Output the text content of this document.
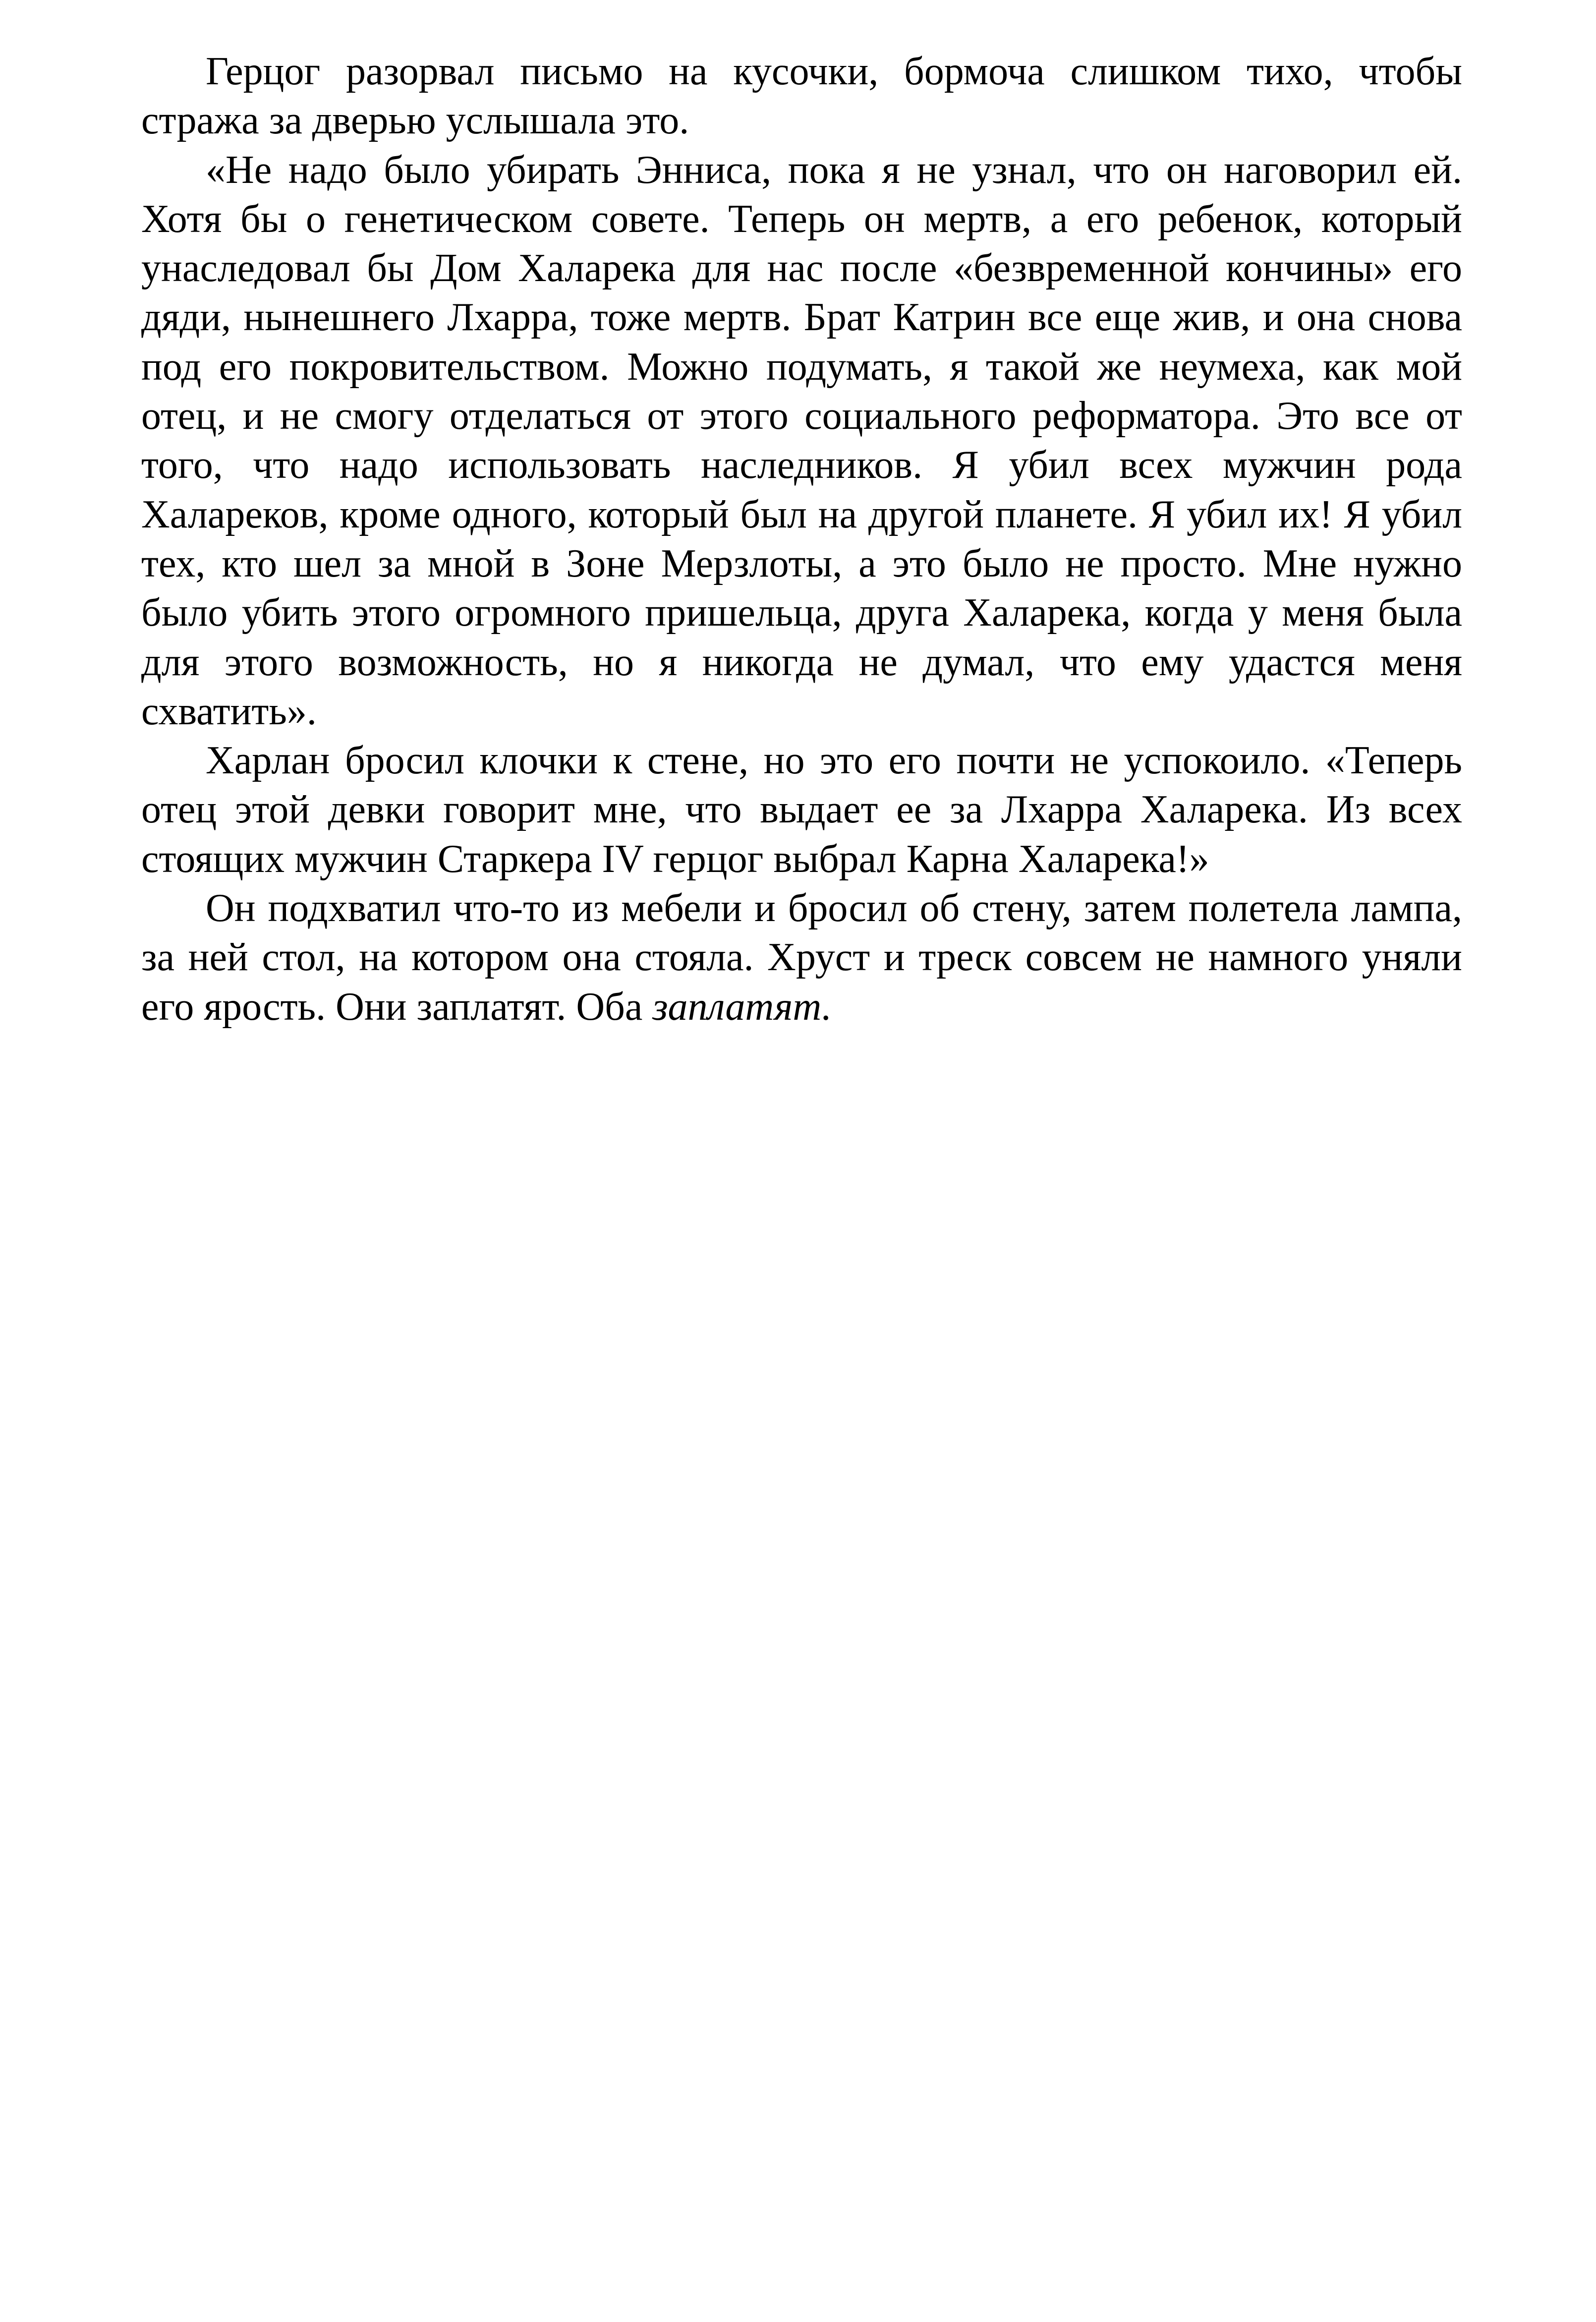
Герцог разорвал письмо на кусочки, бормоча слишком тихо, чтобы стража за дверью услышала это.

«Не надо было убирать Энниса, пока я не узнал, что он наговорил ей. Хотя бы о генетическом совете. Теперь он мертв, а его ребенок, который унаследовал бы Дом Халарека для нас после «безвременной кончины» его дяди, нынешнего Лхарра, тоже мертв. Брат Катрин все еще жив, и она снова под его покровительством. Можно подумать, я такой же неумеха, как мой отец, и не смогу отделаться от этого социального реформатора. Это все от того, что надо использовать наследников. Я убил всех мужчин рода Халареков, кроме одного, который был на другой планете. Я убил их! Я убил тех, кто шел за мной в Зоне Мерзлоты, а это было не просто. Мне нужно было убить этого огромного пришельца, друга Халарека, когда у меня была для этого возможность, но я никогда не думал, что ему удастся меня схватить».

Харлан бросил клочки к стене, но это его почти не успокоило. «Теперь отец этой девки говорит мне, что выдает ее за Лхарра Халарека. Из всех стоящих мужчин Старкера IV герцог выбрал Карна Халарека!»

Он подхватил что-то из мебели и бросил об стену, затем полетела лампа, за ней стол, на котором она стояла. Хруст и треск совсем не намного уняли его ярость. Они заплатят. Оба заплатят.
